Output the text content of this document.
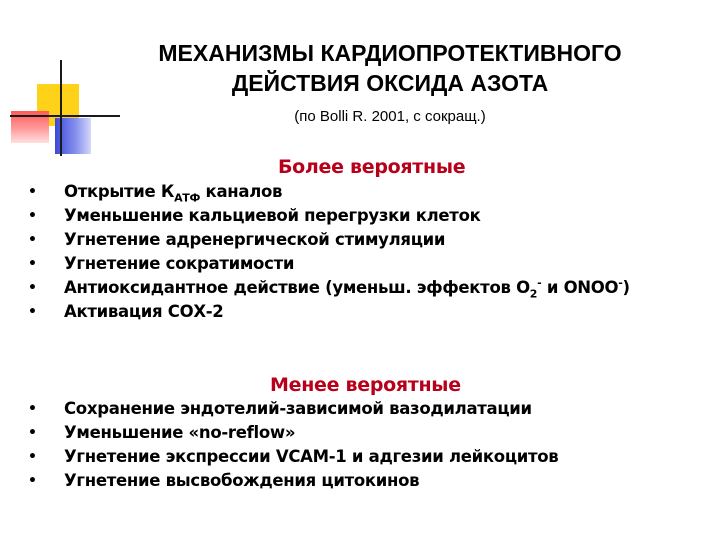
МЕХАНИЗМЫ КАРДИОПРОТЕКТИВНОГО
ДЕЙСТВИЯ ОКСИДА АЗОТА
(по Bolli R. 2001, с сокращ.)
Более вероятные
• Открытие $К_{АТФ}$ каналов
• Уменьшение кальциевой перегрузки клеток
• Угнетение адренергической стимуляции
• Угнетение сократимости
• Антиоксидантное действие (уменьш. эффектов $О_2^-$ и ONOO-)
• Активация СОХ-2
Менее вероятные
• Сохранение эндотелий-зависимой вазодилатации
• Уменьшение «no-reflow»
• Угнетение экспрессии VCAM-1 и адгезии лейкоцитов
• Угнетение высвобождения цитокинов
